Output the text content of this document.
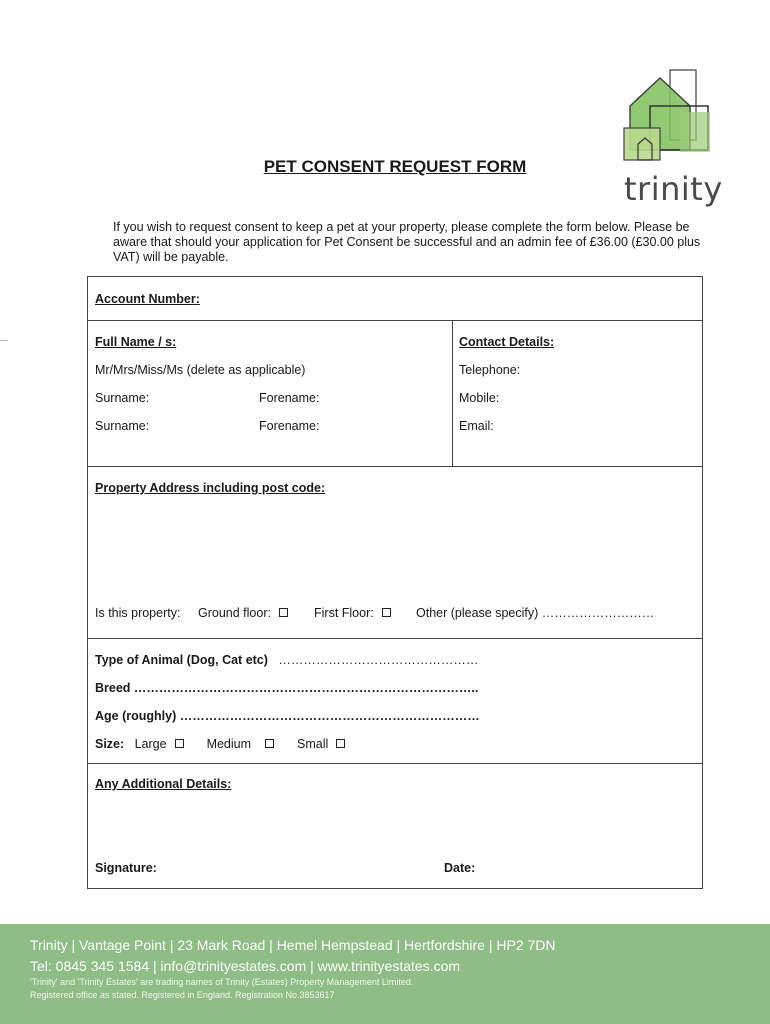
trinity
PET CONSENT REQUEST FORM
If you wish to request consent to keep a pet at your property, please complete the form below. Please be aware that should your application for Pet Consent be successful and an admin fee of £36.00 (£30.00 plus VAT) will be payable.
Account Number:
Full Name / s:
Mr/Mrs/Miss/Ms (delete as applicable)
Surname:	Forename:
Surname:	Forename:
Contact Details:
Telephone:
Mobile:
Email:
Property Address including post code:
Is this property: Ground floor:	First Floor:	Other (please specify) ………………………
Type of Animal (Dog, Cat etc) …………………………………………
Breed ………………………………………………………………………..
Age (roughly) ………………………………………………………………
Size: Large	Medium	Small
Any Additional Details:
Signature:	Date:
Trinity | Vantage Point | 23 Mark Road | Hemel Hempstead | Hertfordshire | HP2 7DN
Tel: 0845 345 1584 | info@trinityestates.com | www.trinityestates.com
'Trinity' and 'Trinity Estates' are trading names of Trinity (Estates) Property Management Limited.
Registered office as stated. Registered in England. Registration No.3853617
